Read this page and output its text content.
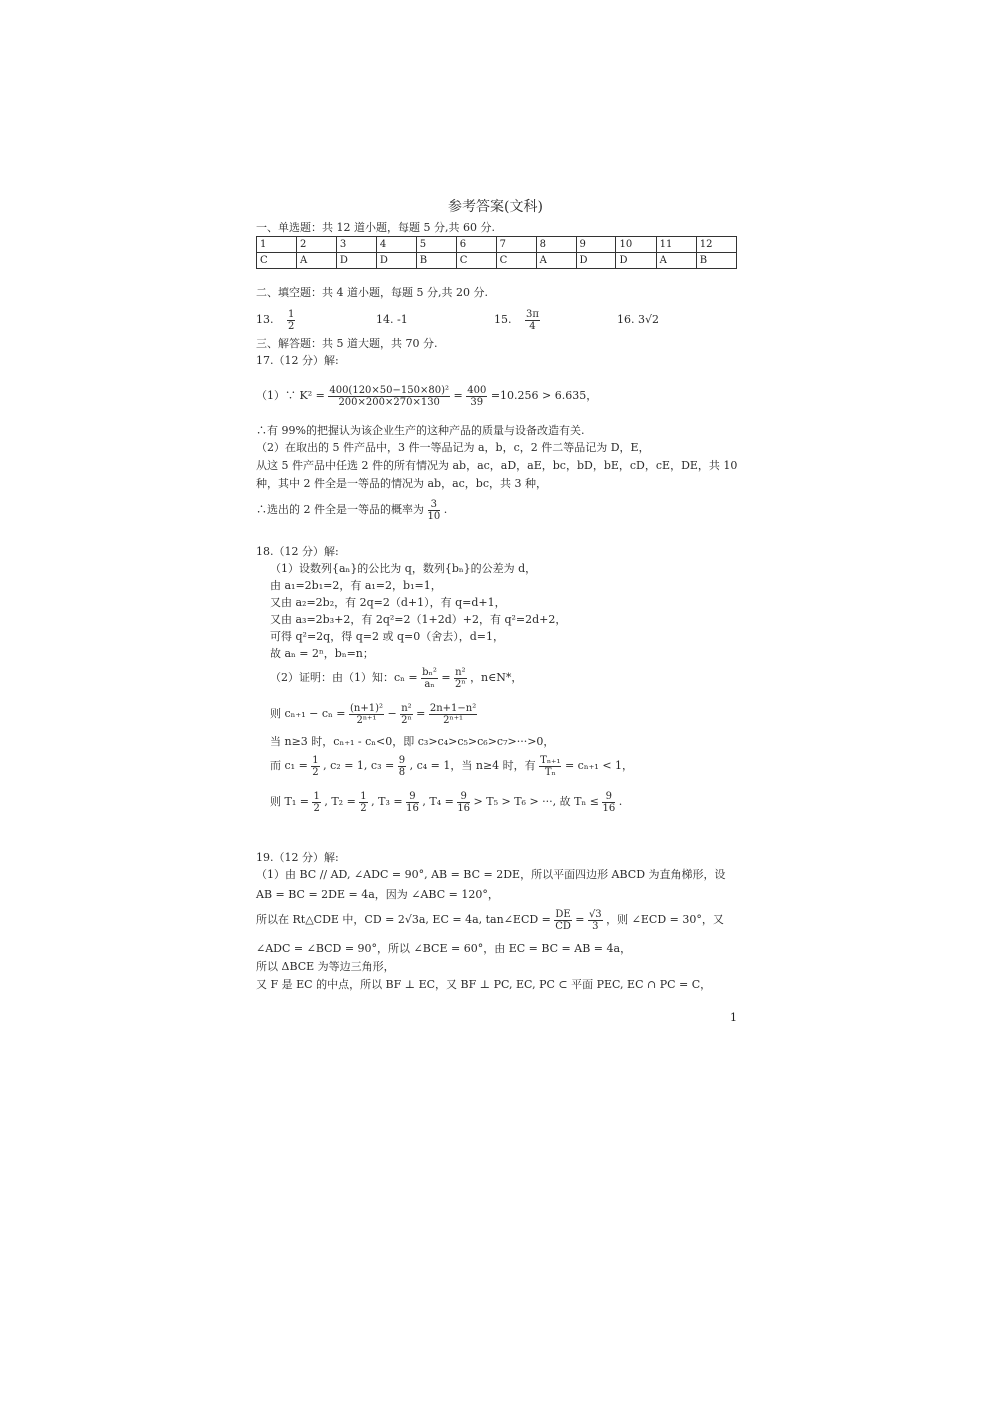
参考答案(文科)
一、单选题：共 12 道小题，每题 5 分,共 60 分.
1	2	3	4	5	6	7	8	9	10	11	12
C	A	D	D	B	C	C	A	D	D	A	B
二、填空题：共 4 道小题，每题 5 分,共 20 分.
13. $\frac{1}{2}$	14. -1	15. $\frac{3\pi}{4}$	16. 3√2
三、解答题：共 5 道大题，共 70 分.
17.（12 分）解:
（1）∵ $K^2 = \frac{\text{400(120×50−150×80)²}}{200\times 200\times 270\times 130} = \frac{400}{39} =10.256 > 6.635$，
∴有 99%的把握认为该企业生产的这种产品的质量与设备改造有关.
（2）在取出的 5 件产品中，3 件一等品记为 a，b，c，2 件二等品记为 D，E，
从这 5 件产品中任选 2 件的所有情况为 ab，ac，aD，aE，bc，bD，bE，cD，cE，DE，共 10
种，其中 2 件全是一等品的情况为 ab，ac，bc，共 3 种，
∴选出的 2 件全是一等品的概率为 $\frac{3}{10}$ .
18.（12 分）解:
（1）设数列{aₙ}的公比为 q，数列{bₙ}的公差为 d，
由 a₁=2b₁=2，有 a₁=2，b₁=1，
又由 a₂=2b₂，有 2q=2（d+1），有 q=d+1，
又由 a₃=2b₃+2，有 2q²=2（1+2d）+2，有 q²=2d+2，
可得 q²=2q，得 q=2 或 q=0（舍去），d=1，
故 aₙ = 2ⁿ，bₙ=n；
（2）证明：由（1）知：$c_n = \frac{\text{bₙ²}}{\text{aₙ}} = \frac{\text{n²}}{\text{2ⁿ}}$ ，n∈N*，
则 $c_{n+1} - c_n = \frac{\text{(n+1)²}}{\text{2ⁿ⁺¹}} - \frac{\text{n²}}{\text{2ⁿ}} = \frac{\text{2n+1−n²}}{\text{2ⁿ⁺¹}}$
当 n≥3 时，cₙ₊₁ - cₙ<0，即 c₃>c₄>c₅>c₆>c₇>···>0，
而 $c_1 = \frac{1}{2}$ , c₂ = 1, $c_3 = \frac{9}{8}$ , c₄ = 1，当 n≥4 时，有 $\frac{\text{Tₙ₊₁}}{\text{Tₙ}} = c_{n+1} < 1$，
则 $T_1 = \frac{1}{2}$ , $T_2 = \frac{1}{2}$ , $T_3 = \frac{9}{16}$ , $T_4 = \frac{9}{16} > T_5 > T_6$ > ···, 故 $T_n \le \frac{9}{16}$ .
19.（12 分）解:
（1）由 BC // AD, ∠ADC = 90°, AB = BC = 2DE，所以平面四边形 ABCD 为直角梯形，设
AB = BC = 2DE = 4a，因为 ∠ABC = 120°，
所以在 Rt△CDE 中，CD = 2√3a, EC = 4a, tan∠ECD = $\frac{DE}{CD} = \frac{√3}{3}$ ，则 ∠ECD = 30°，又
∠ADC = ∠BCD = 90°，所以 ∠BCE = 60°，由 EC = BC = AB = 4a，
所以 ΔBCE 为等边三角形，
又 F 是 EC 的中点，所以 BF ⊥ EC，又 BF ⊥ PC, EC, PC ⊂ 平面 PEC, EC ∩ PC = C，
1
